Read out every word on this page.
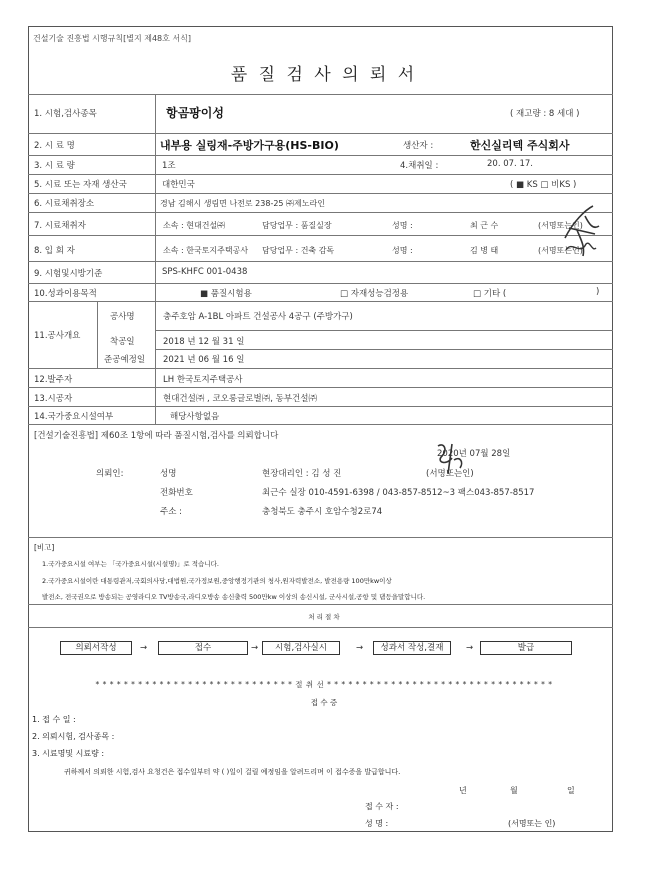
건설기술 진흥법 시행규칙[별지 제48호 서식]
품 질 검 사 의 뢰 서
1. 시험,검사종목	항곰팡이성	( 재고량 : 8 세대 )
2. 시 료 명	내부용 실링재-주방가구용(HS-BIO)	생산자 :	한신실리텍 주식회사
3. 시 료 량	1조	4.채취일 :	20. 07. 17.
5. 시료 또는 자재 생산국	대한민국	( ■ KS □ 비KS )
6. 시료채취장소	경남 김해시 생림면 나전로 238-25 ㈜제노라인
7. 시료채취자	소속 : 현대건설㈜	담당업무 : 품질실장	성명 :	최 근 수	(서명또는인)
8. 입 회 자	소속 : 한국토지주택공사 담당업무 : 건축 감독	성명 :	김 병 태	(서명또는인)
9. 시험및시방기준	SPS-KHFC 001-0438
10.성과이용목적	■ 품질시험용	□ 자재성능검정용	□ 기타 (	)
11.공사개요
공사명	충주호암 A-1BL 아파트 건설공사 4공구 (주방가구)
착공일	2018 년 12 월 31 일
준공예정일 2021 년 06 월 16 일
12.발주자	LH 한국토지주택공사
13.시공자	현대건설㈜ , 코오롱글로벌㈜, 동부건설㈜
14.국가중요시설여부	해당사항없음
[건설기술진흥법] 제60조 1항에 따라 품질시험,검사를 의뢰합니다
2020년 07월 28일
의뢰인:	성명	현장대리인 : 김 성 진	(서명또는인)
전화번호	최근수 실장 010-4591-6398 / 043-857-8512~3 팩스043-857-8517
주소 :	충청북도 충주시 호암수청2로74
[비고]
1.국가중요시설 여부는 「국가중요시설(시설명)」로 적습니다.
2.국가중요시설이란 대통령관저,국회의사당,대법원,국가정보원,중앙행정기관의 청사,원자력발전소, 발전용량 100만kw이상
발전소, 전국권으로 방송되는 공영라디오 TV방송국,라디오방송 송신출력 500만kw 이상의 송신시설, 군사시설,공항 및 댐등을말합니다.
처 리 절 차
의뢰서작성	→	접수	→	시험,검사실시	→	성과서 작성,결재	→	발급
* * * * * * * * * * * * * * * * * * * * * * * * * * * * 절 취 선 * * * * * * * * * * * * * * * * * * * * * * * * * * * * * * * *
접 수 증
1. 접 수 일 :
2. 의뢰시험, 검사종목 :
3. 시료명및 시료량 :
귀하께서 의뢰한 시험,검사 요청건은 접수일부터 약 ( )일이 걸릴 예정임을 알려드리며 이 접수증을 발급합니다.
년	월	일
접 수 자 :
성 명 :	(서명또는 인)
